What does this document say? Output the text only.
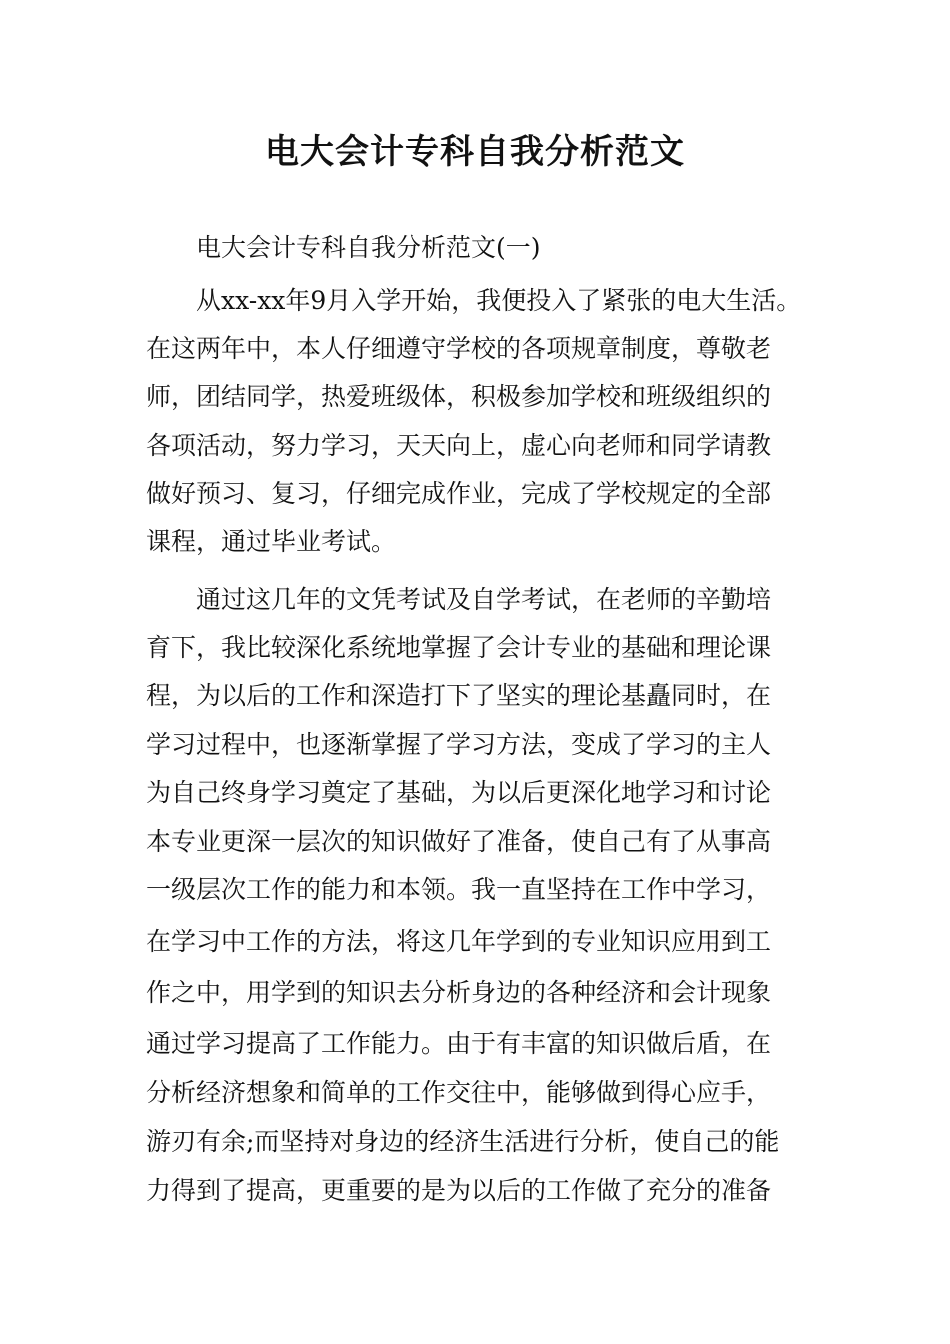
电大会计专科自我分析范文
电大会计专科自我分析范文(一)
从xx-xx年9月入学开始，我便投入了紧张的电大生活。
在这两年中，本人仔细遵守学校的各项规章制度，尊敬老
师，团结同学，热爱班级体，积极参加学校和班级组织的
各项活动，努力学习，天天向上，虚心向老师和同学请教
做好预习、复习，仔细完成作业，完成了学校规定的全部
课程，通过毕业考试。
通过这几年的文凭考试及自学考试，在老师的辛勤培
育下，我比较深化系统地掌握了会计专业的基础和理论课
程，为以后的工作和深造打下了坚实的理论基矗同时，在
学习过程中，也逐渐掌握了学习方法，变成了学习的主人
为自己终身学习奠定了基础，为以后更深化地学习和讨论
本专业更深一层次的知识做好了准备，使自己有了从事高
一级层次工作的能力和本领。我一直坚持在工作中学习，
在学习中工作的方法，将这几年学到的专业知识应用到工
作之中，用学到的知识去分析身边的各种经济和会计现象
通过学习提高了工作能力。由于有丰富的知识做后盾，在
分析经济想象和简单的工作交往中，能够做到得心应手，
游刃有余;而坚持对身边的经济生活进行分析，使自己的能
力得到了提高，更重要的是为以后的工作做了充分的准备
